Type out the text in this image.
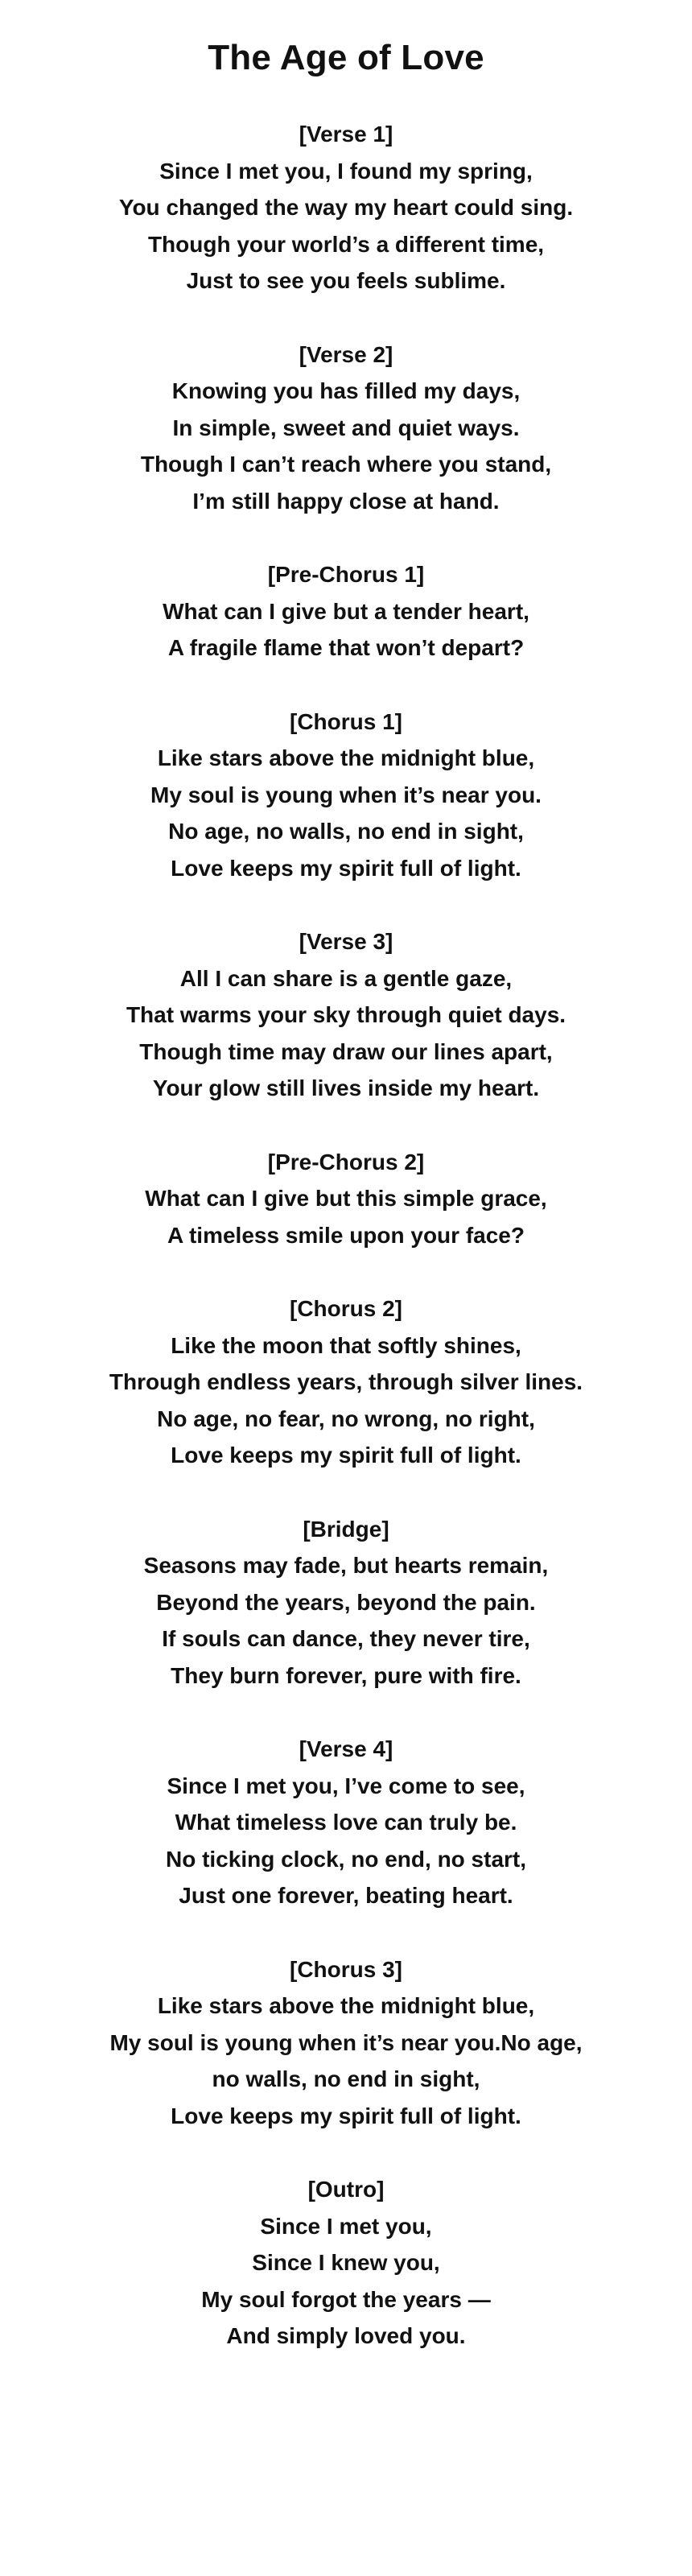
The Age of Love
[Verse 1]
Since I met you, I found my spring,
You changed the way my heart could sing.
Though your world’s a different time,
Just to see you feels sublime.
[Verse 2]
Knowing you has filled my days,
In simple, sweet and quiet ways.
Though I can’t reach where you stand,
I’m still happy close at hand.
[Pre-Chorus 1]
What can I give but a tender heart,
A fragile flame that won’t depart?
[Chorus 1]
Like stars above the midnight blue,
My soul is young when it’s near you.
No age, no walls, no end in sight,
Love keeps my spirit full of light.
[Verse 3]
All I can share is a gentle gaze,
That warms your sky through quiet days.
Though time may draw our lines apart,
Your glow still lives inside my heart.
[Pre-Chorus 2]
What can I give but this simple grace,
A timeless smile upon your face?
[Chorus 2]
Like the moon that softly shines,
Through endless years, through silver lines.
No age, no fear, no wrong, no right,
Love keeps my spirit full of light.
[Bridge]
Seasons may fade, but hearts remain,
Beyond the years, beyond the pain.
If souls can dance, they never tire,
They burn forever, pure with fire.
[Verse 4]
Since I met you, I’ve come to see,
What timeless love can truly be.
No ticking clock, no end, no start,
Just one forever, beating heart.
[Chorus 3]
Like stars above the midnight blue,
My soul is young when it’s near you.No age,
no walls, no end in sight,
Love keeps my spirit full of light.
[Outro]
Since I met you,
Since I knew you,
My soul forgot the years —
And simply loved you.
